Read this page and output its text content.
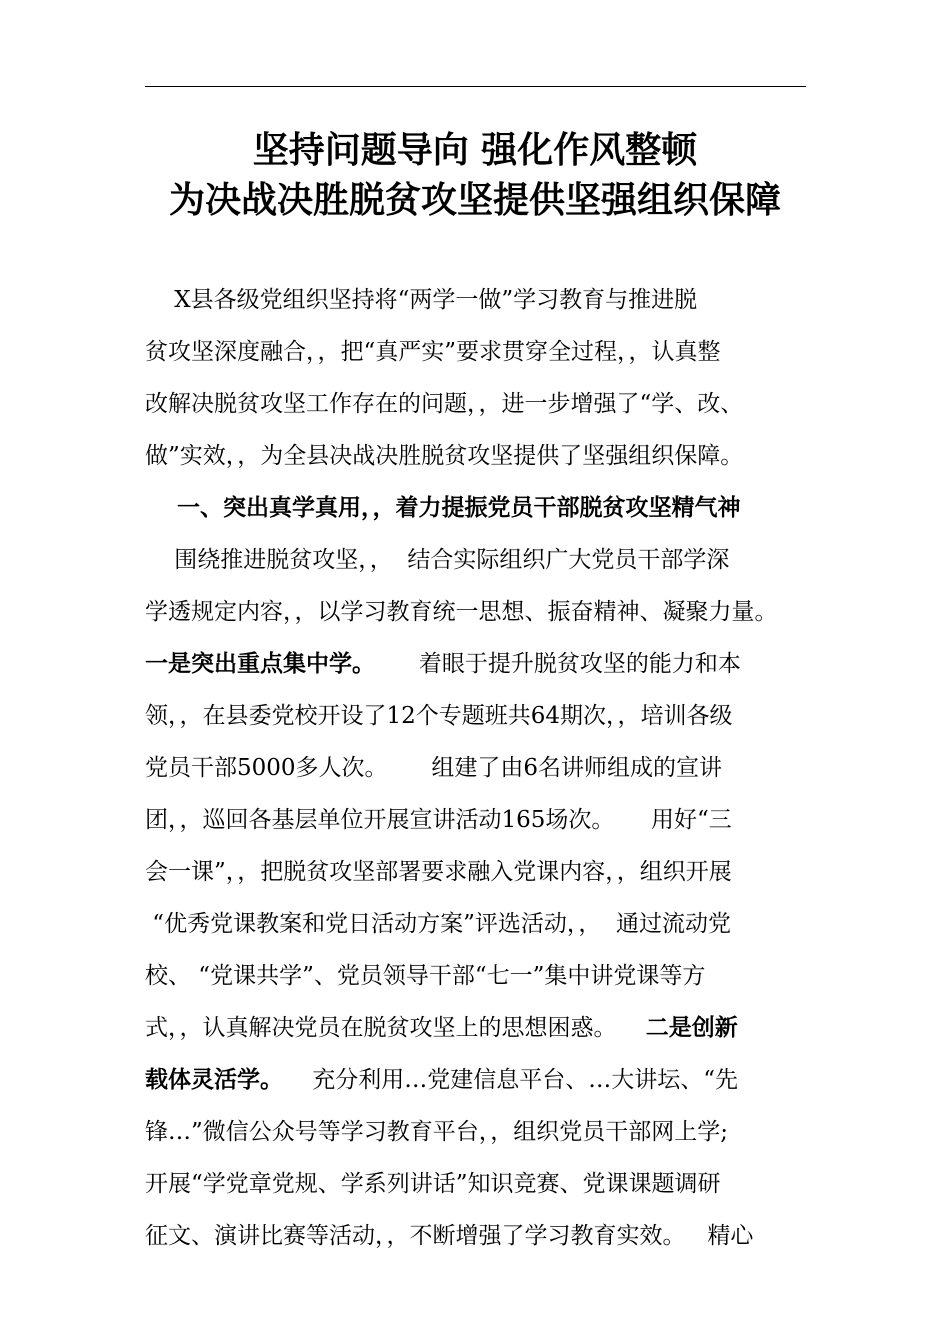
坚持问题导向 强化作风整顿
为决战决胜脱贫攻坚提供坚强组织保障
X县各级党组织坚持将“两学一做”学习教育与推进脱
贫攻坚深度融合，，把“真严实”要求贯穿全过程，，认真整
改解决脱贫攻坚工作存在的问题，，进一步增强了“学、改、
做”实效，，为全县决战决胜脱贫攻坚提供了坚强组织保障。
一、突出真学真用，，着力提振党员干部脱贫攻坚精气神
围绕推进脱贫攻坚，，  结合实际组织广大党员干部学深
学透规定内容，，以学习教育统一思想、振奋精神、凝聚力量。
一是突出重点集中学。      着眼于提升脱贫攻坚的能力和本
领，，在县委党校开设了12个专题班共64期次，，培训各级
党员干部5000多人次。      组建了由6名讲师组成的宣讲
团，，巡回各基层单位开展宣讲活动165场次。     用好“三
会一课”，，把脱贫攻坚部署要求融入党课内容，，组织开展
“优秀党课教案和党日活动方案”评选活动，，  通过流动党
校、 “党课共学”、党员领导干部“七一”集中讲党课等方
式，，认真解决党员在脱贫攻坚上的思想困惑。    二是创新
载体灵活学。    充分利用…党建信息平台、…大讲坛、“先
锋…”微信公众号等学习教育平台，，组织党员干部网上学;
开展“学党章党规、学系列讲话”知识竞赛、党课课题调研
征文、演讲比赛等活动，，不断增强了学习教育实效。   精心
